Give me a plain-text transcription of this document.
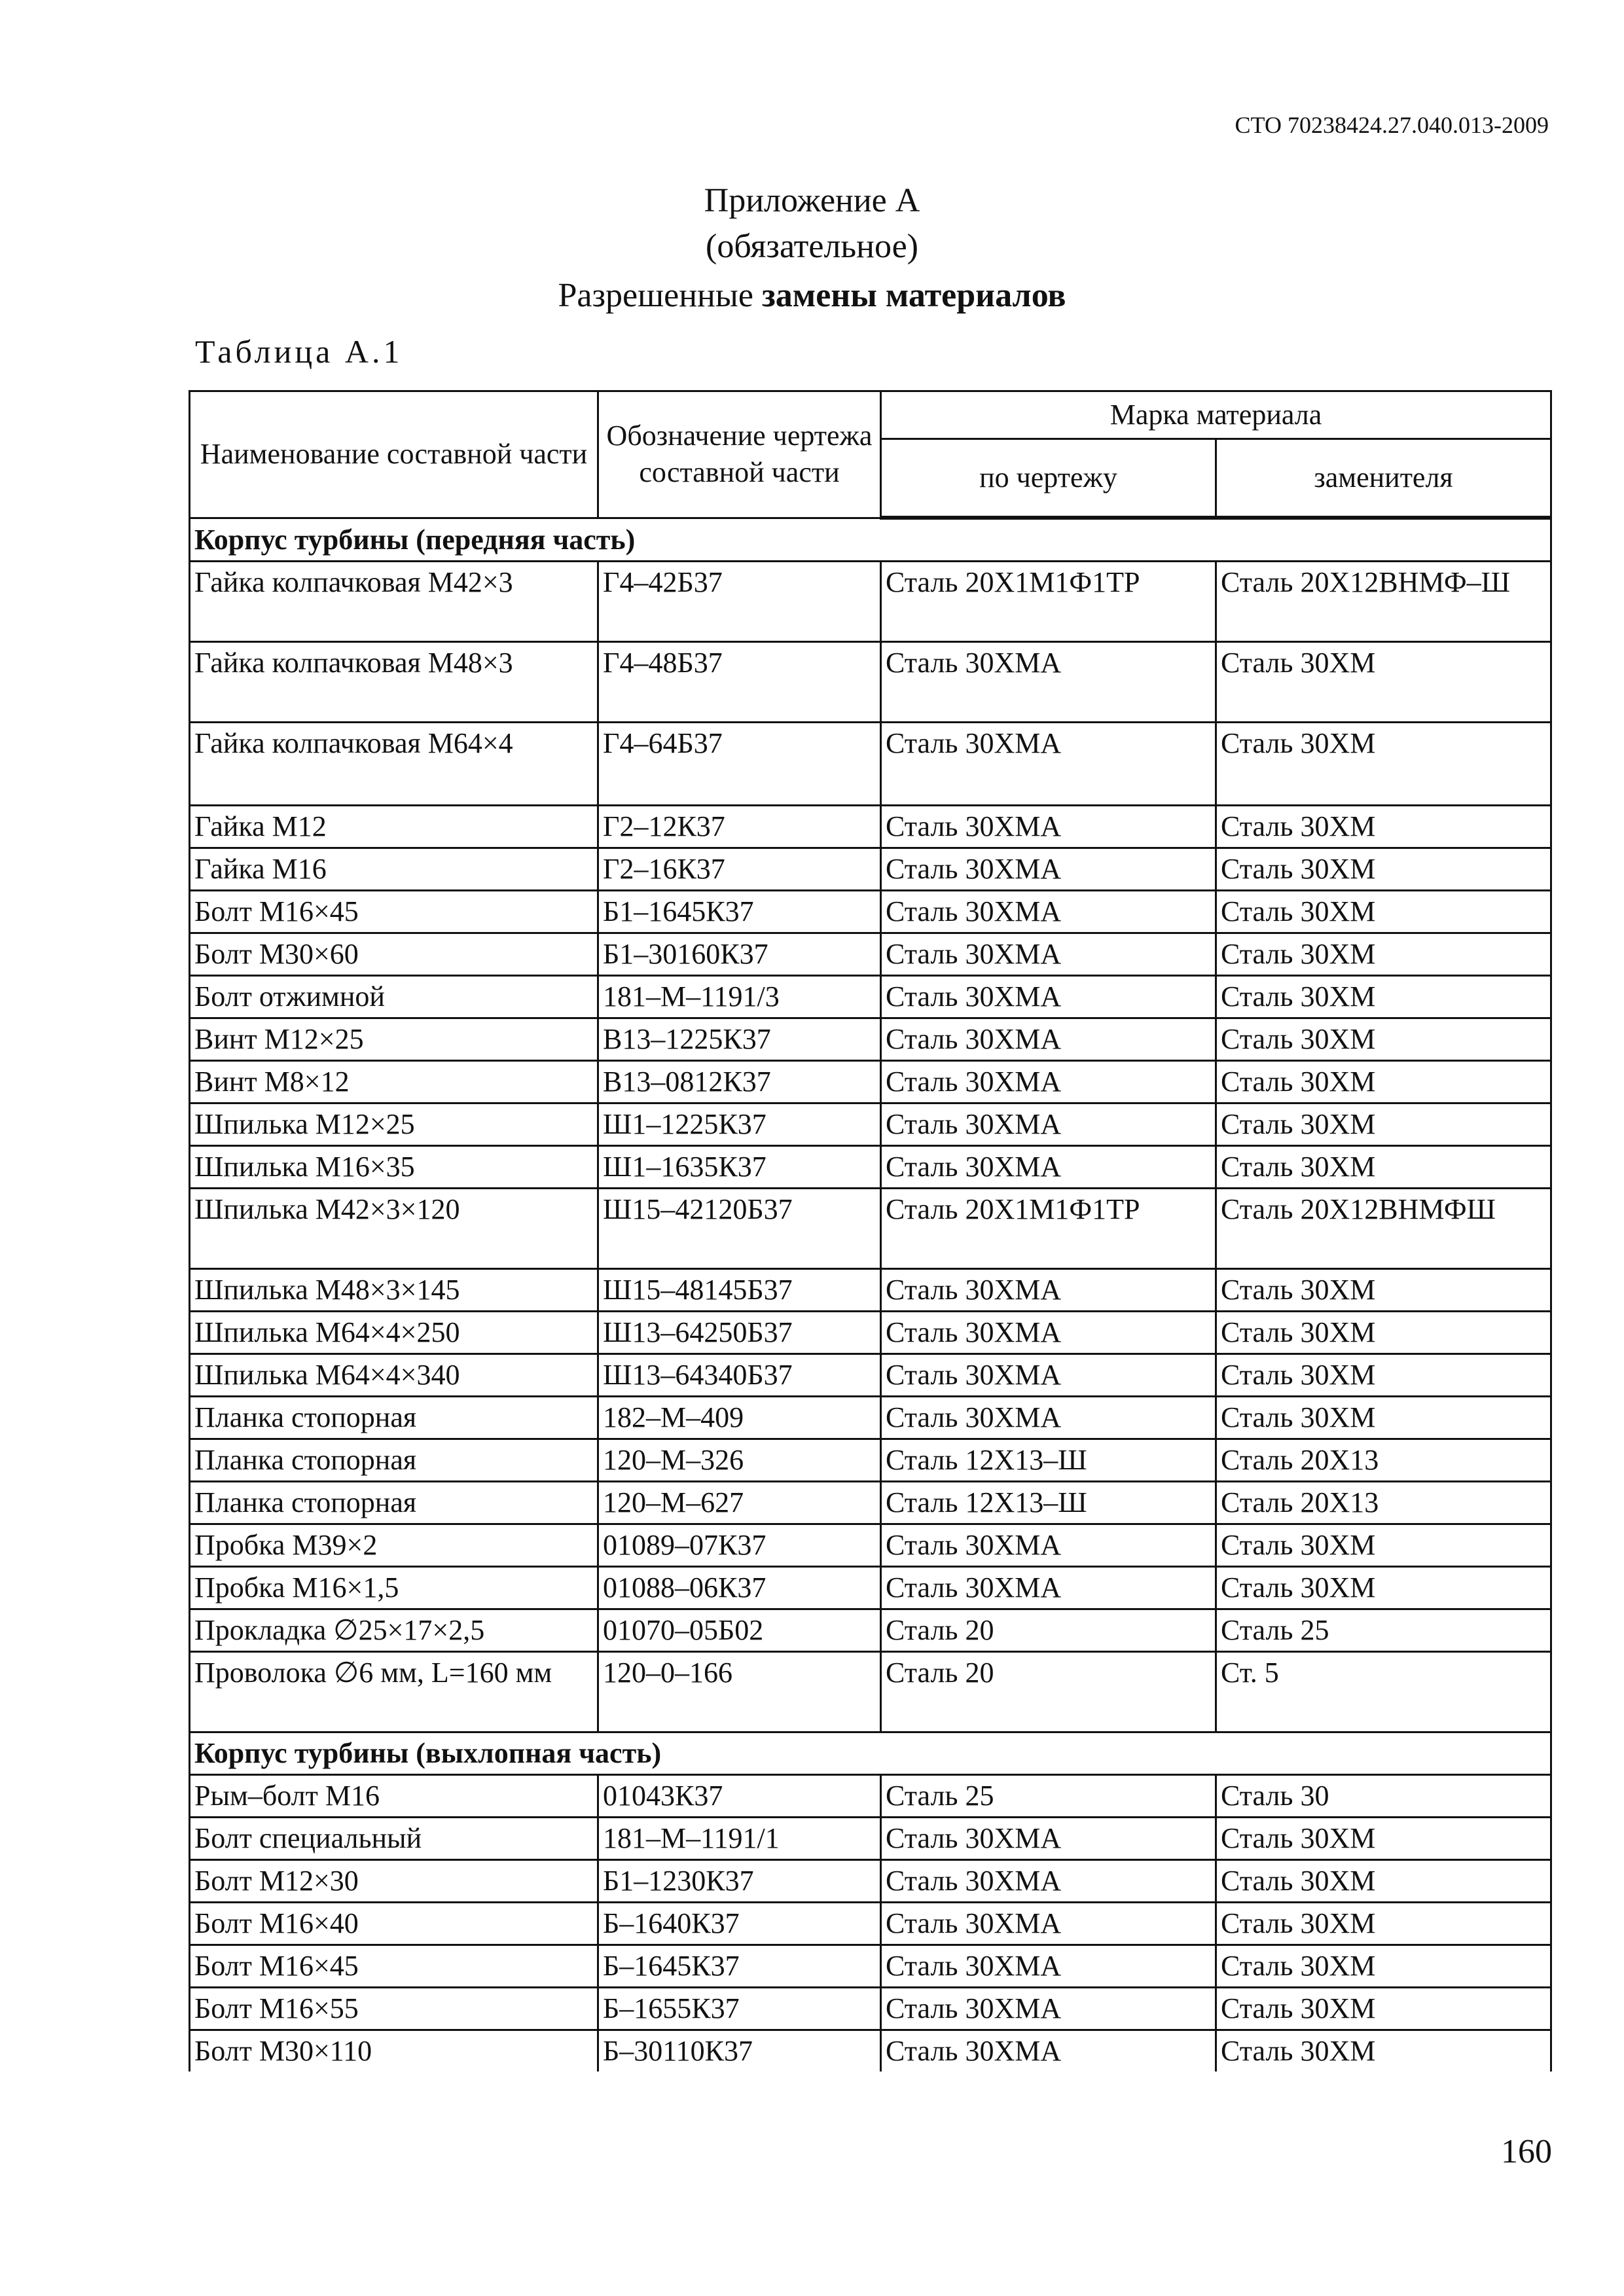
СТО 70238424.27.040.013-2009
Приложение А
(обязательное)
Разрешенные замены материалов
Таблица А.1
Наименование составной части	Обозначение чертежа составной части	Марка материала	
		по чертежу	заменителя
Корпус турбины (передняя часть)			
Гайка колпачковая М42×3	Г4–42Б37	Сталь 20Х1М1Ф1ТР	Сталь 20Х12ВНМФ–Ш
Гайка колпачковая М48×3	Г4–48Б37	Сталь 30ХМА	Сталь 30ХМ
Гайка колпачковая М64×4	Г4–64Б37	Сталь 30ХМА	Сталь 30ХМ
Гайка М12	Г2–12К37	Сталь 30ХМА	Сталь 30ХМ
Гайка М16	Г2–16К37	Сталь 30ХМА	Сталь 30ХМ
Болт М16×45	Б1–1645К37	Сталь 30ХМА	Сталь 30ХМ
Болт М30×60	Б1–30160К37	Сталь 30ХМА	Сталь 30ХМ
Болт отжимной	181–М–1191/3	Сталь 30ХМА	Сталь 30ХМ
Винт М12×25	В13–1225К37	Сталь 30ХМА	Сталь 30ХМ
Винт М8×12	В13–0812К37	Сталь 30ХМА	Сталь 30ХМ
Шпилька М12×25	Ш1–1225К37	Сталь 30ХМА	Сталь 30ХМ
Шпилька М16×35	Ш1–1635К37	Сталь 30ХМА	Сталь 30ХМ
Шпилька М42×3×120	Ш15–42120Б37	Сталь 20Х1М1Ф1ТР	Сталь 20Х12ВНМФШ
Шпилька М48×3×145	Ш15–48145Б37	Сталь 30ХМА	Сталь 30ХМ
Шпилька М64×4×250	Ш13–64250Б37	Сталь 30ХМА	Сталь 30ХМ
Шпилька М64×4×340	Ш13–64340Б37	Сталь 30ХМА	Сталь 30ХМ
Планка стопорная	182–М–409	Сталь 30ХМА	Сталь 30ХМ
Планка стопорная	120–М–326	Сталь 12Х13–Ш	Сталь 20Х13
Планка стопорная	120–М–627	Сталь 12Х13–Ш	Сталь 20Х13
Пробка М39×2	01089–07К37	Сталь 30ХМА	Сталь 30ХМ
Пробка М16×1,5	01088–06К37	Сталь 30ХМА	Сталь 30ХМ
Прокладка ∅25×17×2,5	01070–05Б02	Сталь 20	Сталь 25
Проволока ∅6 мм, L=160 мм	120–0–166	Сталь 20	Ст. 5
Корпус турбины (выхлопная часть)			
Рым–болт М16	01043К37	Сталь 25	Сталь 30
Болт специальный	181–М–1191/1	Сталь 30ХМА	Сталь 30ХМ
Болт М12×30	Б1–1230К37	Сталь 30ХМА	Сталь 30ХМ
Болт М16×40	Б–1640К37	Сталь 30ХМА	Сталь 30ХМ
Болт М16×45	Б–1645К37	Сталь 30ХМА	Сталь 30ХМ
Болт М16×55	Б–1655К37	Сталь 30ХМА	Сталь 30ХМ
Болт М30×110	Б–30110К37	Сталь 30ХМА	Сталь 30ХМ
160
